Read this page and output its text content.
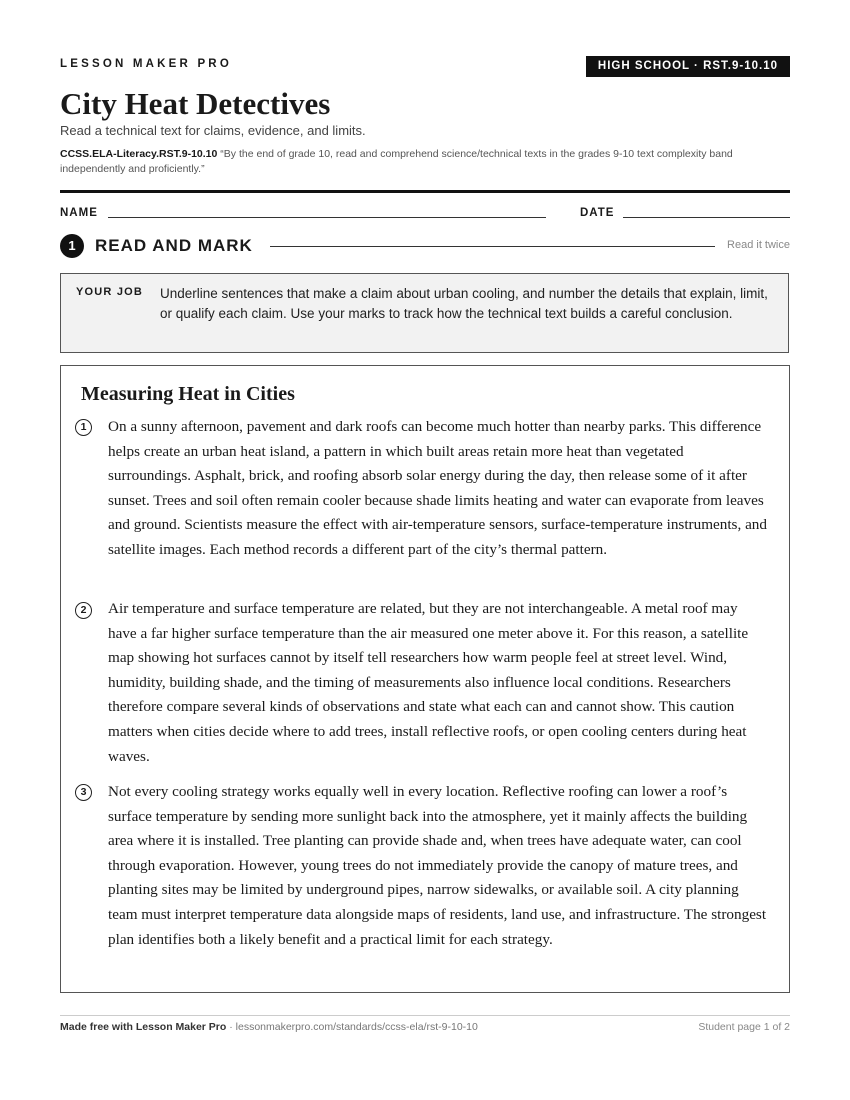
LESSON MAKER PRO	HIGH SCHOOL · RST.9-10.10
City Heat Detectives
Read a technical text for claims, evidence, and limits.
CCSS.ELA-Literacy.RST.9-10.10 “By the end of grade 10, read and comprehend science/technical texts in the grades 9-10 text complexity band independently and proficiently.”
NAME	DATE
1	READ AND MARK	Read it twice
YOUR JOB Underline sentences that make a claim about urban cooling, and number the details that explain, limit, or qualify each claim. Use your marks to track how the technical text builds a careful conclusion.
Measuring Heat in Cities
1	On a sunny afternoon, pavement and dark roofs can become much hotter than nearby parks. This difference helps create an urban heat island, a pattern in which built areas retain more heat than vegetated surroundings. Asphalt, brick, and roofing absorb solar energy during the day, then release some of it after sunset. Trees and soil often remain cooler because shade limits heating and water can evaporate from leaves and ground. Scientists measure the effect with air-temperature sensors, surface-temperature instruments, and satellite images. Each method records a different part of the city’s thermal pattern.
2	Air temperature and surface temperature are related, but they are not interchangeable. A metal roof may have a far higher surface temperature than the air measured one meter above it. For this reason, a satellite map showing hot surfaces cannot by itself tell researchers how warm people feel at street level. Wind, humidity, building shade, and the timing of measurements also influence local conditions. Researchers therefore compare several kinds of observations and state what each can and cannot show. This caution matters when cities decide where to add trees, install reflective roofs, or open cooling centers during heat waves.
3	Not every cooling strategy works equally well in every location. Reflective roofing can lower a roof’s surface temperature by sending more sunlight back into the atmosphere, yet it mainly affects the building area where it is installed. Tree planting can provide shade and, when trees have adequate water, can cool through evaporation. However, young trees do not immediately provide the canopy of mature trees, and planting sites may be limited by underground pipes, narrow sidewalks, or available soil. A city planning team must interpret temperature data alongside maps of residents, land use, and infrastructure. The strongest plan identifies both a likely benefit and a practical limit for each strategy.
Made free with Lesson Maker Pro · lessonmakerpro.com/standards/ccss-ela/rst-9-10-10	Student page 1 of 2
